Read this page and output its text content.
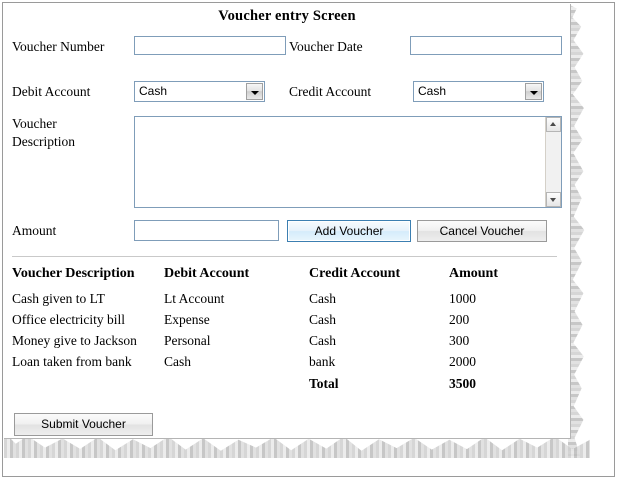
Voucher entry Screen
Voucher Number	Voucher Date
Debit Account	Cash	Credit Account	Cash
Voucher
Description
Amount	Add Voucher	Cancel Voucher
Voucher Description	Debit Account	Credit Account	Amount
Cash given to LT	Lt Account	Cash	1000
Office electricity bill	Expense	Cash	200
Money give to Jackson	Personal	Cash	300
Loan taken from bank	Cash	bank	2000
		Total	3500
Submit Voucher
